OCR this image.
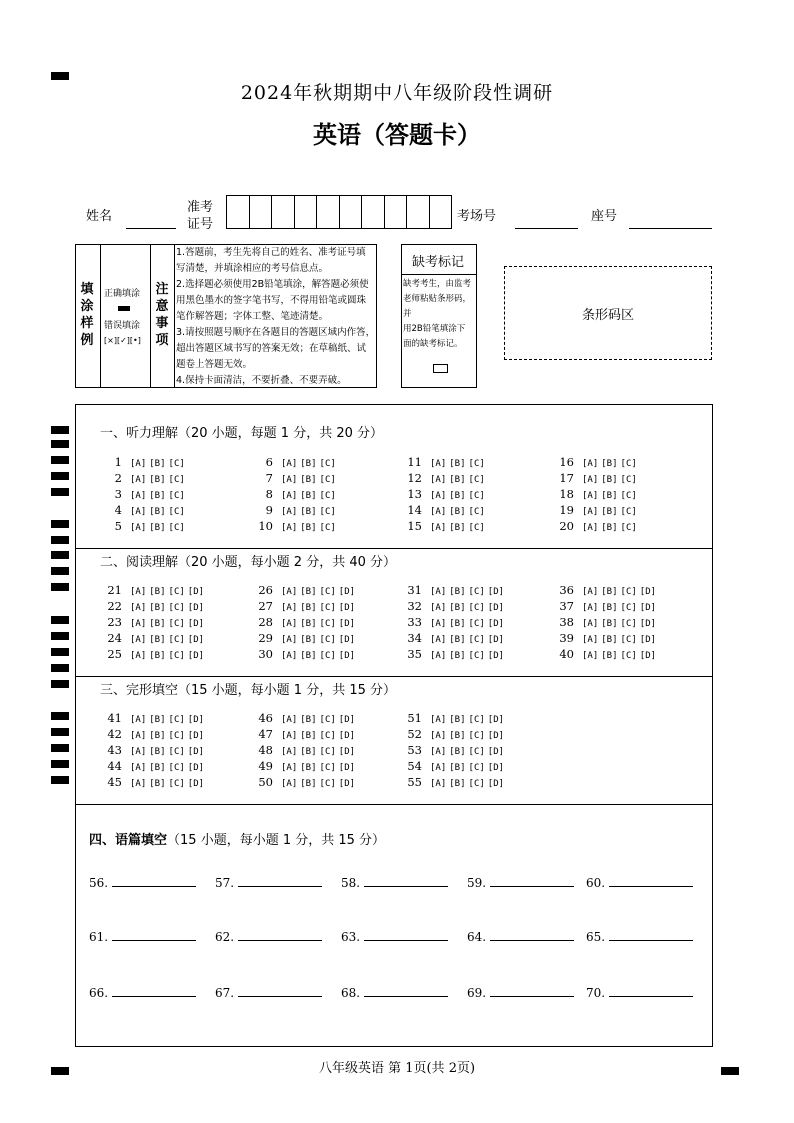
2024年秋期期中八年级阶段性调研
英语（答题卡）
姓名
准考
证号
考场号	座号
填
涂
样
例
正确填涂
错误填涂
[×][✓][•]
注
意
事
项
1.答题前，考生先将自己的姓名、准考证号填
写清楚，并填涂相应的考号信息点。
2.选择题必须使用2B铅笔填涂，解答题必须使
用黑色墨水的签字笔书写，不得用铅笔或圆珠
笔作解答题；字体工整、笔迹清楚。
3.请按照题号顺序在各题目的答题区域内作答，
超出答题区域书写的答案无效；在草稿纸、试
题卷上答题无效。
4.保持卡面清洁，不要折叠、不要弄破。
缺考标记
缺考考生，由监考
老师粘贴条形码，并
用2B铅笔填涂下
面的缺考标记。
条形码区
一、听力理解（20 小题，每题 1 分，共 20 分）
二、阅读理解（20 小题，每小题 2 分，共 40 分）
三、完形填空（15 小题，每小题 1 分，共 15 分）
四、语篇填空（15 小题，每小题 1 分，共 15 分）
1 [A] [B] [C]
2 [A] [B] [C]
3 [A] [B] [C]
4 [A] [B] [C]
5 [A] [B] [C]
6 [A] [B] [C]
7 [A] [B] [C]
8 [A] [B] [C]
9 [A] [B] [C]
10 [A] [B] [C]
11 [A] [B] [C]
12 [A] [B] [C]
13 [A] [B] [C]
14 [A] [B] [C]
15 [A] [B] [C]
16 [A] [B] [C]
17 [A] [B] [C]
18 [A] [B] [C]
19 [A] [B] [C]
20 [A] [B] [C]
21 [A] [B] [C] [D]
22 [A] [B] [C] [D]
23 [A] [B] [C] [D]
24 [A] [B] [C] [D]
25 [A] [B] [C] [D]
26 [A] [B] [C] [D]
27 [A] [B] [C] [D]
28 [A] [B] [C] [D]
29 [A] [B] [C] [D]
30 [A] [B] [C] [D]
31 [A] [B] [C] [D]
32 [A] [B] [C] [D]
33 [A] [B] [C] [D]
34 [A] [B] [C] [D]
35 [A] [B] [C] [D]
36 [A] [B] [C] [D]
37 [A] [B] [C] [D]
38 [A] [B] [C] [D]
39 [A] [B] [C] [D]
40 [A] [B] [C] [D]
41 [A] [B] [C] [D]
42 [A] [B] [C] [D]
43 [A] [B] [C] [D]
44 [A] [B] [C] [D]
45 [A] [B] [C] [D]
46 [A] [B] [C] [D]
47 [A] [B] [C] [D]
48 [A] [B] [C] [D]
49 [A] [B] [C] [D]
50 [A] [B] [C] [D]
51 [A] [B] [C] [D]
52 [A] [B] [C] [D]
53 [A] [B] [C] [D]
54 [A] [B] [C] [D]
55 [A] [B] [C] [D]
56.	57.	58.	59.	60.
61.	62.	63.	64.	65.
66.	67.	68.	69.	70.
八年级英语 第 1页(共 2页)
